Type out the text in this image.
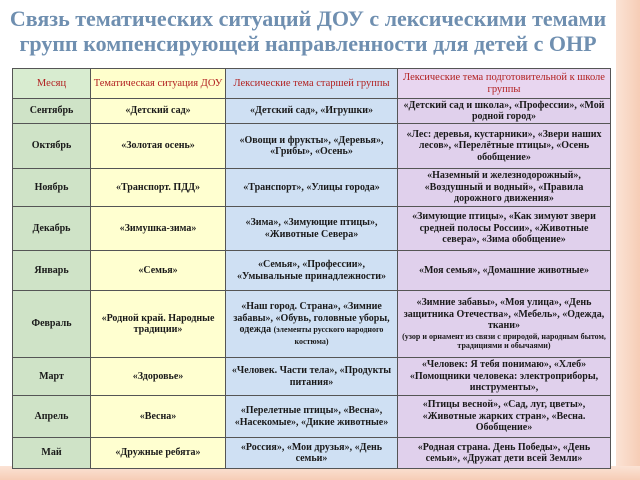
Связь тематических ситуаций ДОУ с лексическими темами
групп компенсирующей направленности для детей с ОНР
Месяц	Тематическая ситуация ДОУ	Лексические тема старшей группы	Лексические тема подготовительной к школе группы
Сентябрь	«Детский сад»	«Детский сад», «Игрушки»	«Детский сад и школа», «Профессии», «Мой родной город»
Октябрь	«Золотая осень»	«Овощи и фрукты», «Деревья», «Грибы», «Осень»	«Лес: деревья, кустарники», «Звери наших лесов», «Перелётные птицы», «Осень обобщение»
Ноябрь	«Транспорт. ПДД»	«Транспорт», «Улицы города»	«Наземный и железнодорожный», «Воздушный и водный», «Правила дорожного движения»
Декабрь	«Зимушка-зима»	«Зима», «Зимующие птицы», «Животные Севера»	«Зимующие птицы», «Как зимуют звери средней полосы России», «Животные севера», «Зима обобщение»
Январь	«Семья»	«Семья», «Профессии», «Умывальные принадлежности»	«Моя семья», «Домашние животные»
Февраль	«Родной край. Народные традиции»	«Наш город. Страна», «Зимние забавы», «Обувь, головные уборы, одежда (элементы русского народного костюма)	«Зимние забавы», «Моя улица», «День защитника Отечества», «Мебель», «Одежда, ткани»
(узор и орнамент из связи с природой, народным бытом, традициями и обычаями)

Март	«Здоровье»	«Человек. Части тела», «Продукты питания»	«Человек: Я тебя понимаю», «Хлеб» «Помощники человека: электроприборы, инструменты»,
Апрель	«Весна»	«Перелетные птицы», «Весна», «Насекомые», «Дикие животные»	«Птицы весной», «Сад, луг, цветы», «Животные жарких стран», «Весна. Обобщение»
Май	«Дружные ребята»	«Россия», «Мои друзья», «День семьи»	«Родная страна. День Победы», «День семьи», «Дружат дети всей Земли»
